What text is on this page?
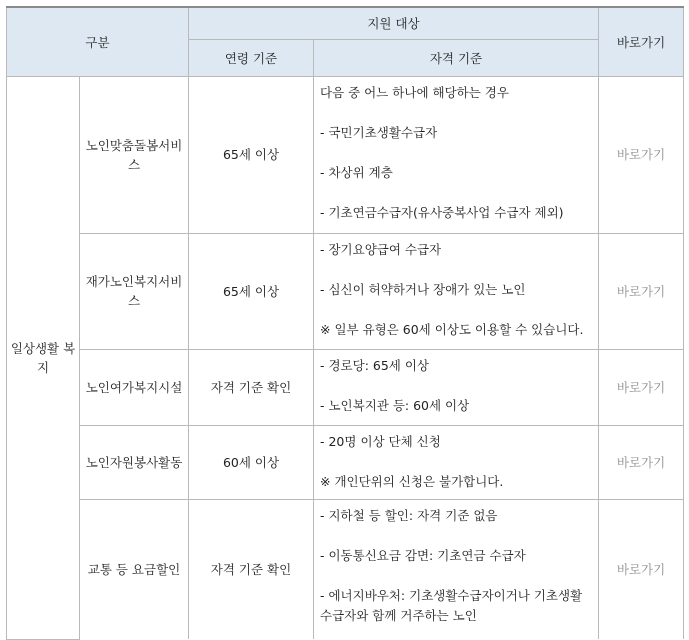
구분		지원 대상		바로가기
		연령 기준	자격 기준	
일상생활 복지	노인맞춤돌봄서비스	65세 이상	다음 중 어느 하나에 해당하는 경우

- 국민기초생활수급자

- 차상위 계층

- 기초연금수급자(유사중복사업 수급자 제외)	바로가기
	재가노인복지서비스	65세 이상	- 장기요양급여 수급자

- 심신이 허약하거나 장애가 있는 노인

※ 일부 유형은 60세 이상도 이용할 수 있습니다.	바로가기
	노인여가복지시설	자격 기준 확인	- 경로당: 65세 이상

- 노인복지관 등: 60세 이상	바로가기
	노인자원봉사활동	60세 이상	- 20명 이상 단체 신청

※ 개인단위의 신청은 불가합니다.	바로가기
	교통 등 요금할인	자격 기준 확인	- 지하철 등 할인: 자격 기준 없음

- 이동통신요금 감면: 기초연금 수급자

- 에너지바우처: 기초생활수급자이거나 기초생활수급자와 함께 거주하는 노인	바로가기
